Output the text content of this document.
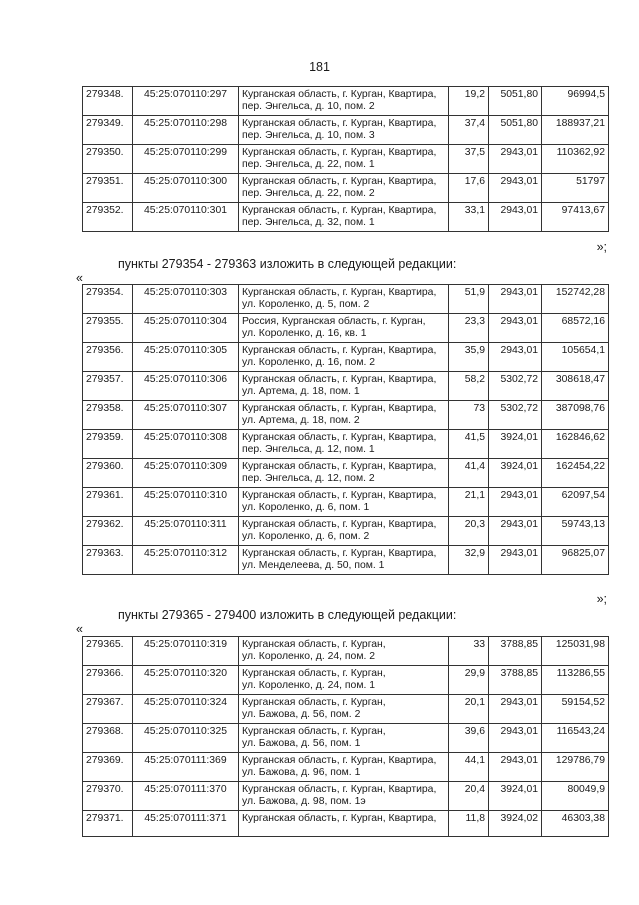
181
279348.	45:25:070110:297	Курганская область, г. Курган, Квартира,
пер. Энгельса, д. 10, пом. 2	19,2	5051,80	96994,5
279349.	45:25:070110:298	Курганская область, г. Курган, Квартира,
пер. Энгельса, д. 10, пом. 3	37,4	5051,80	188937,21
279350.	45:25:070110:299	Курганская область, г. Курган, Квартира,
пер. Энгельса, д. 22, пом. 1	37,5	2943,01	110362,92
279351.	45:25:070110:300	Курганская область, г. Курган, Квартира,
пер. Энгельса, д. 22, пом. 2	17,6	2943,01	51797
279352.	45:25:070110:301	Курганская область, г. Курган, Квартира,
пер. Энгельса, д. 32, пом. 1	33,1	2943,01	97413,67
»;
пункты 279354 - 279363 изложить в следующей редакции:
«
279354.	45:25:070110:303	Курганская область, г. Курган, Квартира,
ул. Короленко, д. 5, пом. 2	51,9	2943,01	152742,28
279355.	45:25:070110:304	Россия, Курганская область, г. Курган,
ул. Короленко, д. 16, кв. 1	23,3	2943,01	68572,16
279356.	45:25:070110:305	Курганская область, г. Курган, Квартира,
ул. Короленко, д. 16, пом. 2	35,9	2943,01	105654,1
279357.	45:25:070110:306	Курганская область, г. Курган, Квартира,
ул. Артема, д. 18, пом. 1	58,2	5302,72	308618,47
279358.	45:25:070110:307	Курганская область, г. Курган, Квартира,
ул. Артема, д. 18, пом. 2	73	5302,72	387098,76
279359.	45:25:070110:308	Курганская область, г. Курган, Квартира,
пер. Энгельса, д. 12, пом. 1	41,5	3924,01	162846,62
279360.	45:25:070110:309	Курганская область, г. Курган, Квартира,
пер. Энгельса, д. 12, пом. 2	41,4	3924,01	162454,22
279361.	45:25:070110:310	Курганская область, г. Курган, Квартира,
ул. Короленко, д. 6, пом. 1	21,1	2943,01	62097,54
279362.	45:25:070110:311	Курганская область, г. Курган, Квартира,
ул. Короленко, д. 6, пом. 2	20,3	2943,01	59743,13
279363.	45:25:070110:312	Курганская область, г. Курган, Квартира,
ул. Менделеева, д. 50, пом. 1	32,9	2943,01	96825,07
»;
пункты 279365 - 279400 изложить в следующей редакции:
«
279365.	45:25:070110:319	Курганская область, г. Курган,
ул. Короленко, д. 24, пом. 2	33	3788,85	125031,98
279366.	45:25:070110:320	Курганская область, г. Курган,
ул. Короленко, д. 24, пом. 1	29,9	3788,85	113286,55
279367.	45:25:070110:324	Курганская область, г. Курган,
ул. Бажова, д. 56, пом. 2	20,1	2943,01	59154,52
279368.	45:25:070110:325	Курганская область, г. Курган,
ул. Бажова, д. 56, пом. 1	39,6	2943,01	116543,24
279369.	45:25:070111:369	Курганская область, г. Курган, Квартира,
ул. Бажова, д. 96, пом. 1	44,1	2943,01	129786,79
279370.	45:25:070111:370	Курганская область, г. Курган, Квартира,
ул. Бажова, д. 98, пом. 1э	20,4	3924,01	80049,9
279371.	45:25:070111:371	Курганская область, г. Курган, Квартира,	11,8	3924,02	46303,38
